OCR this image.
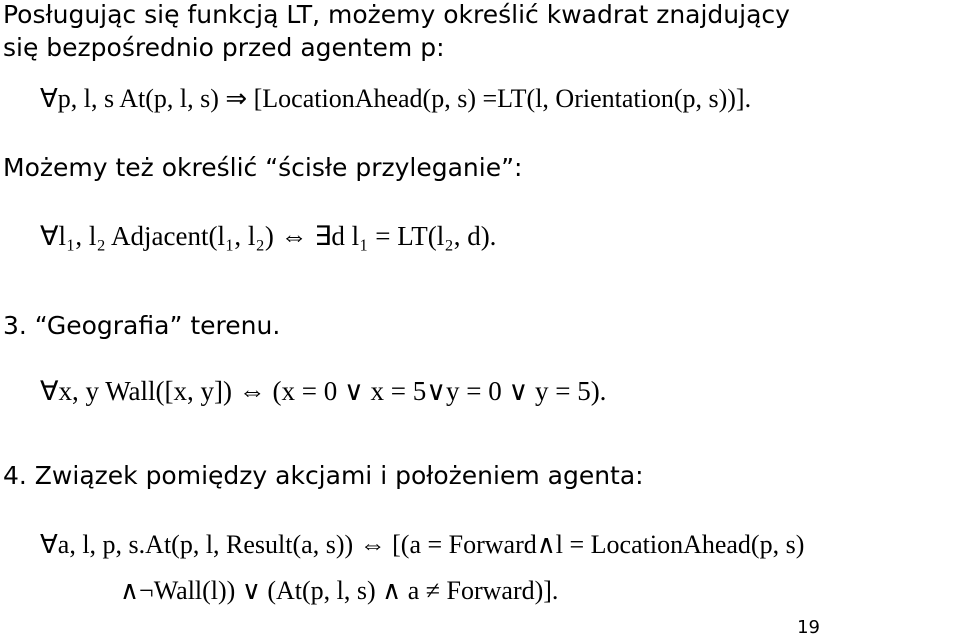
Posługując się funkcją LT, możemy określić kwadrat znajdujący
się bezpośrednio przed agentem p:
∀p, l, s At(p, l, s) ⇒ [LocationAhead(p, s) =LT(l, Orientation(p, s))].
Możemy też określić “ścisłe przyleganie”:
∀l₁, l₂ Adjacent(l₁, l₂) ⇔ ∃d l₁ = LT(l₂, d).
3. “Geografia” terenu.
∀x, y Wall([x, y]) ⇔ (x = 0 ∨ x = 5∨y = 0 ∨ y = 5).
4. Związek pomiędzy akcjami i położeniem agenta:
∀a, l, p, s.At(p, l, Result(a, s)) ⇔ [(a = Forward∧l = LocationAhead(p, s)
∧¬Wall(l)) ∨ (At(p, l, s) ∧ a ≠ Forward)].
19
